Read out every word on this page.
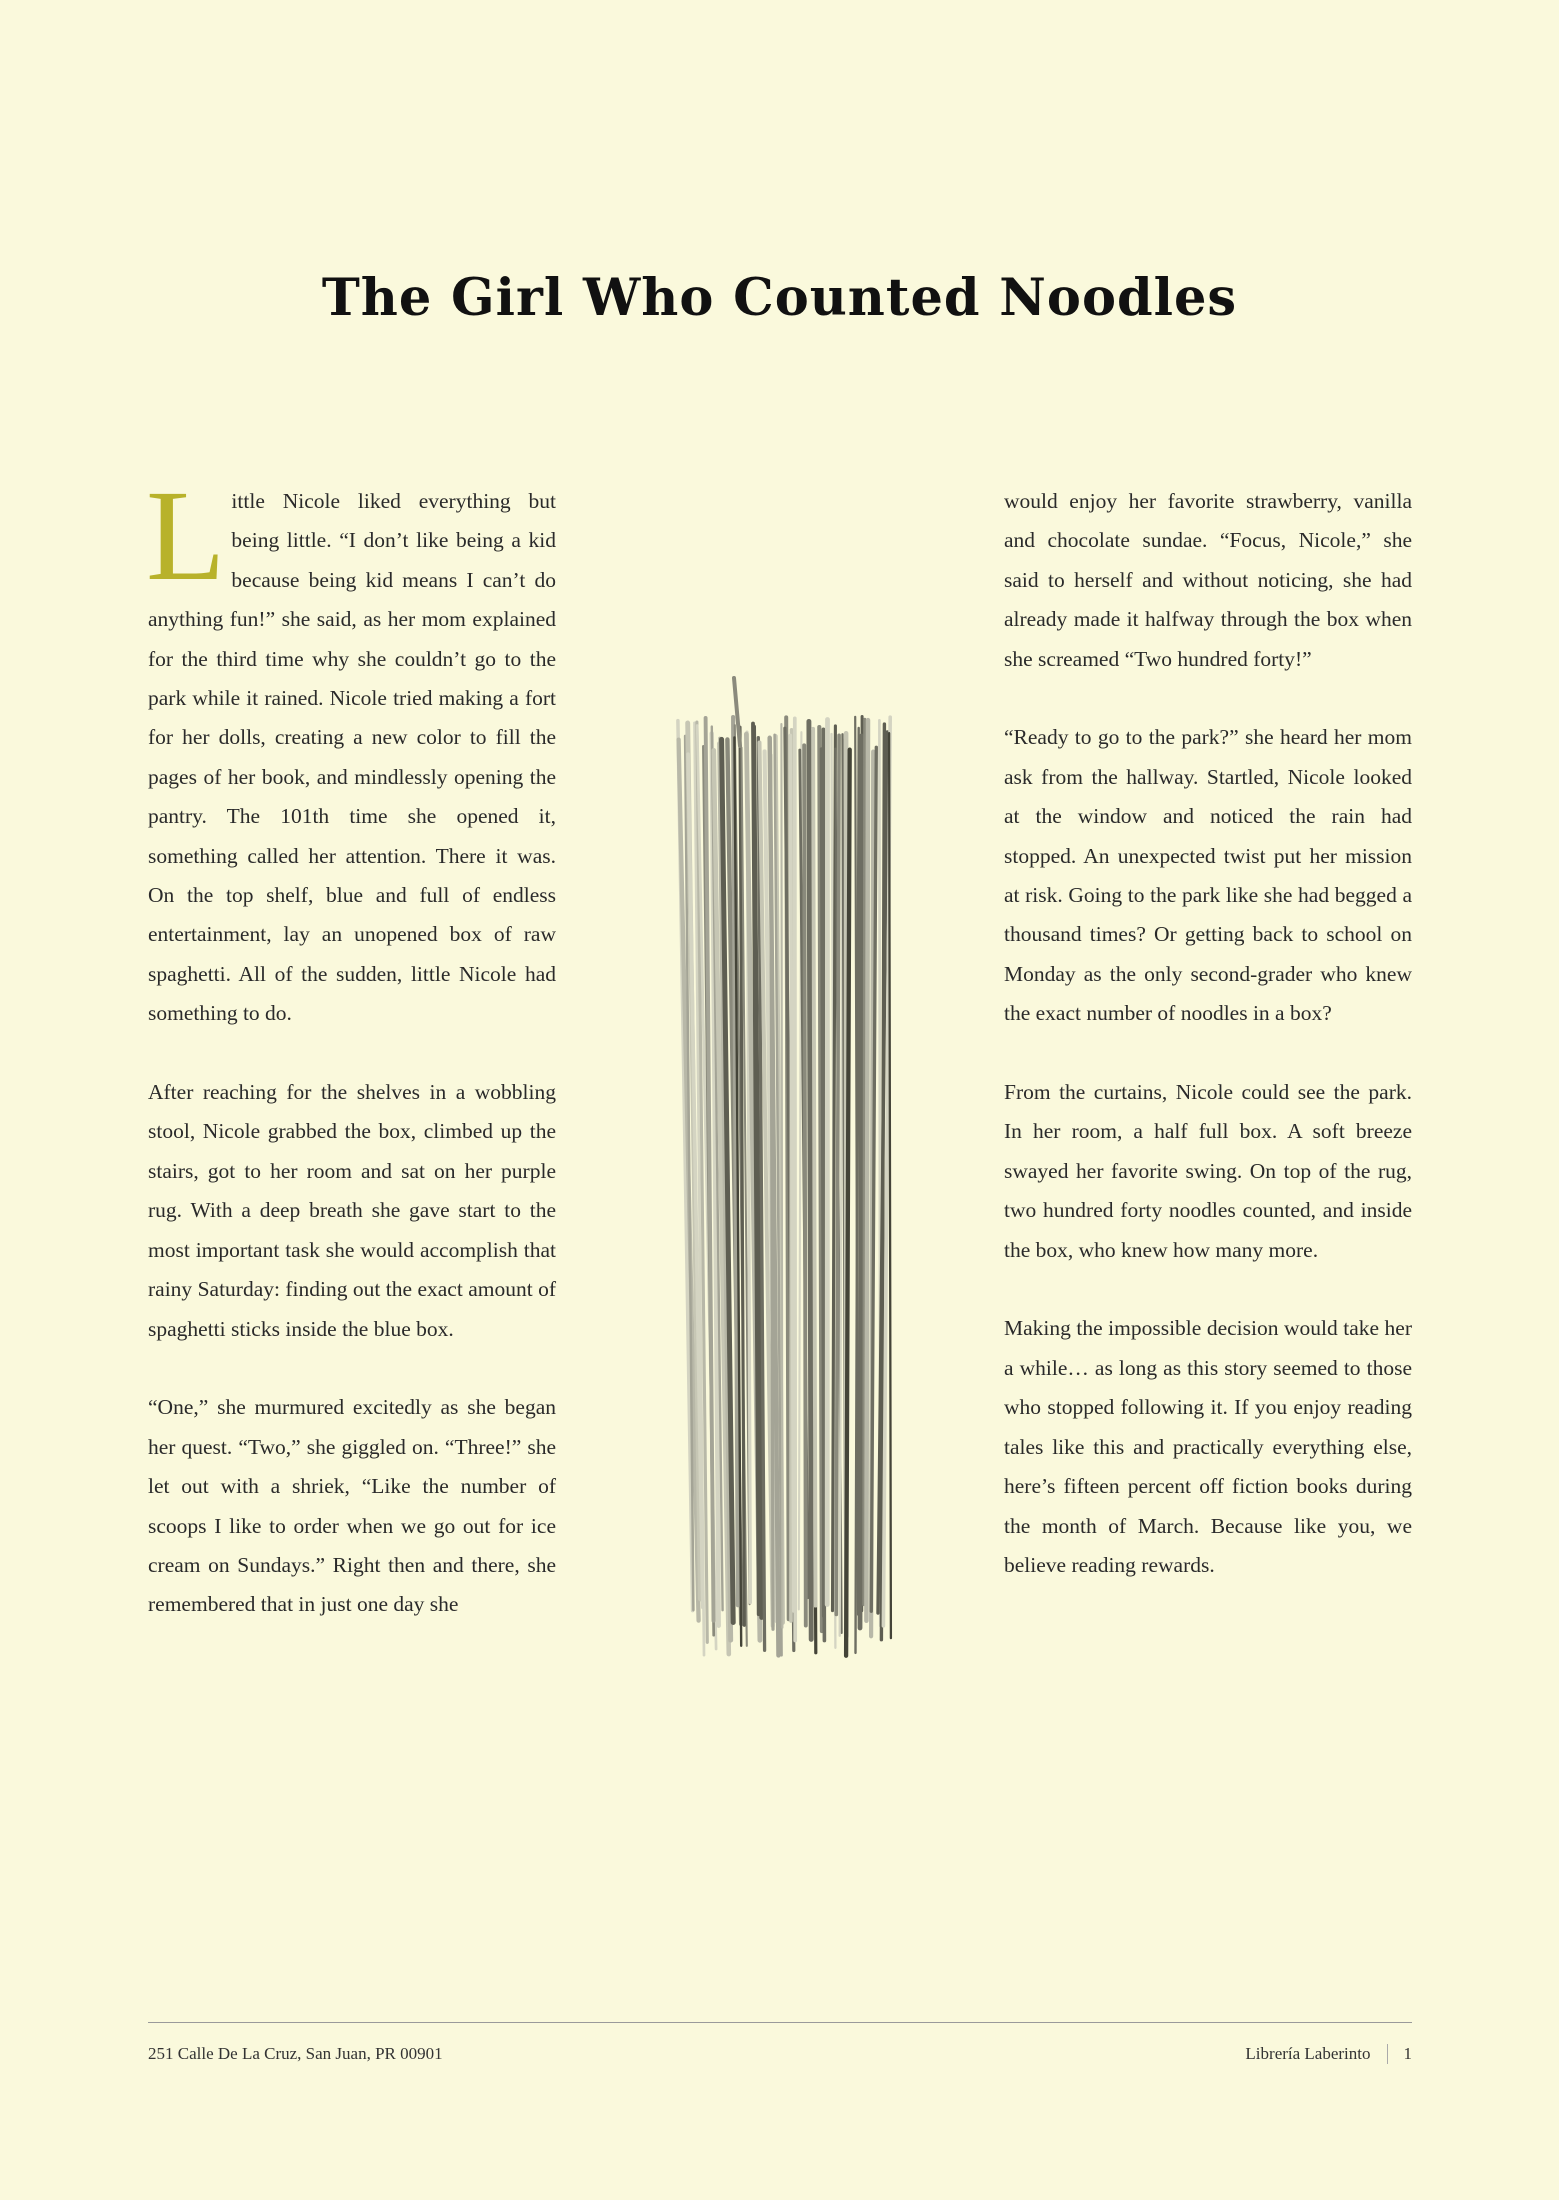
The Girl Who Counted Noodles

Little Nicole liked everything but being little. “I don’t like being a kid because being kid means I can’t do anything fun!” she said, as her mom explained for the third time why she couldn’t go to the park while it rained. Nicole tried making a fort for her dolls, creating a new color to fill the pages of her book, and mindlessly opening the pantry. The 101th time she opened it, something called her attention. There it was. On the top shelf, blue and full of endless entertainment, lay an unopened box of raw spaghetti. All of the sudden, little Nicole had something to do.

After reaching for the shelves in a wobbling stool, Nicole grabbed the box, climbed up the stairs, got to her room and sat on her purple rug. With a deep breath she gave start to the most important task she would accomplish that rainy Saturday: finding out the exact amount of spaghetti sticks inside the blue box.

“One,” she murmured excitedly as she began her quest. “Two,” she giggled on. “Three!” she let out with a shriek, “Like the number of scoops I like to order when we go out for ice cream on Sundays.” Right then and there, she remembered that in just one day she

would enjoy her favorite strawberry, vanilla and chocolate sundae. “Focus, Nicole,” she said to herself and without noticing, she had already made it halfway through the box when she screamed “Two hundred forty!”

“Ready to go to the park?” she heard her mom ask from the hallway. Startled, Nicole looked at the window and noticed the rain had stopped. An unexpected twist put her mission at risk. Going to the park like she had begged a thousand times? Or getting back to school on Monday as the only second-grader who knew the exact number of noodles in a box?

From the curtains, Nicole could see the park. In her room, a half full box. A soft breeze swayed her favorite swing. On top of the rug, two hundred forty noodles counted, and inside the box, who knew how many more.

Making the impossible decision would take her a while… as long as this story seemed to those who stopped following it. If you enjoy reading tales like this and practically everything else, here’s fifteen percent off fiction books during the month of March. Because like you, we believe reading rewards.

251 Calle De La Cruz, San Juan, PR 00901	Librería Laberinto 1
